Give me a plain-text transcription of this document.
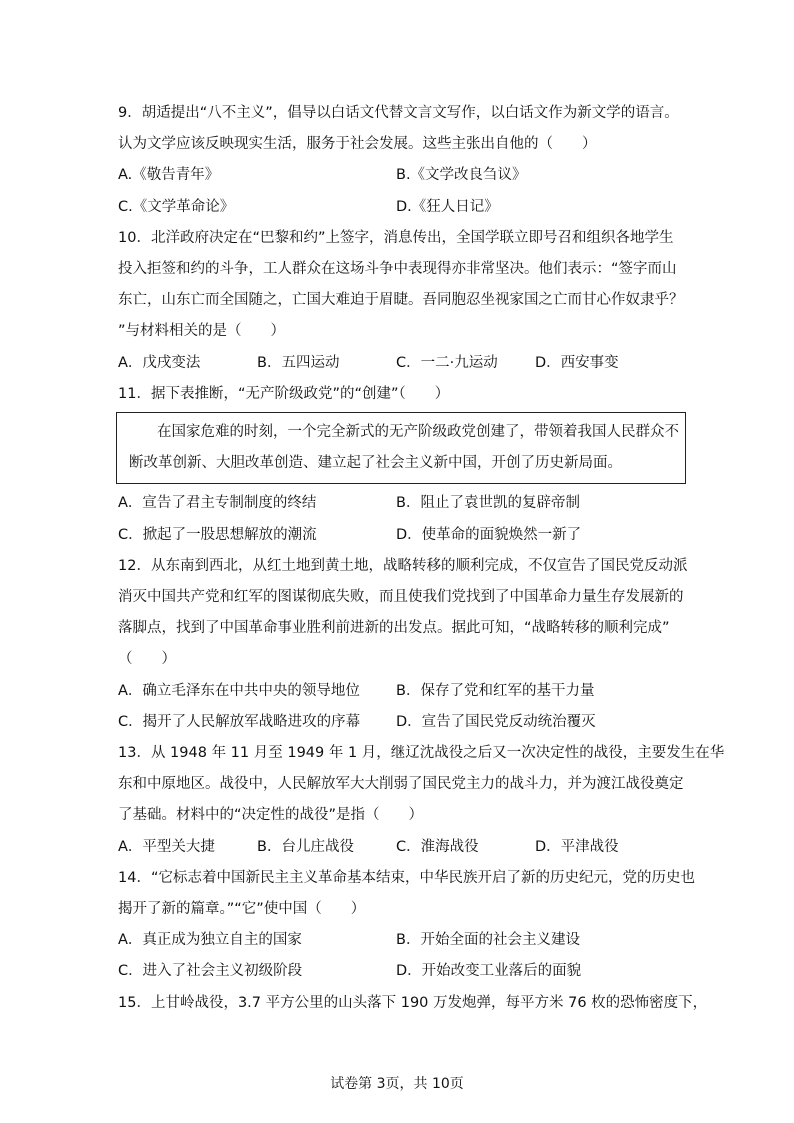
9．胡适提出“八不主义”，倡导以白话文代替文言文写作，以白话文作为新文学的语言。
认为文学应该反映现实生活，服务于社会发展。这些主张出自他的（　　）
A.《敬告青年》	B.《文学改良刍议》
C.《文学革命论》	D.《狂人日记》
10．北洋政府决定在“巴黎和约”上签字，消息传出，全国学联立即号召和组织各地学生
投入拒签和约的斗争，工人群众在这场斗争中表现得亦非常坚决。他们表示：“签字而山
东亡，山东亡而全国随之，亡国大难迫于眉睫。吾同胞忍坐视家国之亡而甘心作奴隶乎？
”与材料相关的是（　　）
A．戊戌变法	B．五四运动	C．一二·九运动	D．西安事变
11．据下表推断，“无产阶级政党”的“创建”（　　）
在国家危难的时刻，一个完全新式的无产阶级政党创建了，带领着我国人民群众不
断改革创新、大胆改革创造、建立起了社会主义新中国，开创了历史新局面。
A．宣告了君主专制制度的终结	B．阻止了袁世凯的复辟帝制
C．掀起了一股思想解放的潮流	D．使革命的面貌焕然一新了
12．从东南到西北，从红土地到黄土地，战略转移的顺利完成，不仅宣告了国民党反动派
消灭中国共产党和红军的图谋彻底失败，而且使我们党找到了中国革命力量生存发展新的
落脚点，找到了中国革命事业胜利前进新的出发点。据此可知，“战略转移的顺利完成”
（　　）
A．确立毛泽东在中共中央的领导地位	B．保存了党和红军的基干力量
C．揭开了人民解放军战略进攻的序幕	D．宣告了国民党反动统治覆灭
13．从 1948 年 11 月至 1949 年 1 月，继辽沈战役之后又一次决定性的战役，主要发生在华
东和中原地区。战役中，人民解放军大大削弱了国民党主力的战斗力，并为渡江战役奠定
了基础。材料中的“决定性的战役”是指（　　）
A．平型关大捷	B．台儿庄战役	C．淮海战役	D．平津战役
14．“它标志着中国新民主主义革命基本结束，中华民族开启了新的历史纪元，党的历史也
揭开了新的篇章。”“它”使中国（　　）
A．真正成为独立自主的国家	B．开始全面的社会主义建设
C．进入了社会主义初级阶段	D．开始改变工业落后的面貌
15．上甘岭战役，3.7 平方公里的山头落下 190 万发炮弹，每平方米 76 枚的恐怖密度下，
试卷第 3页，共 10页
